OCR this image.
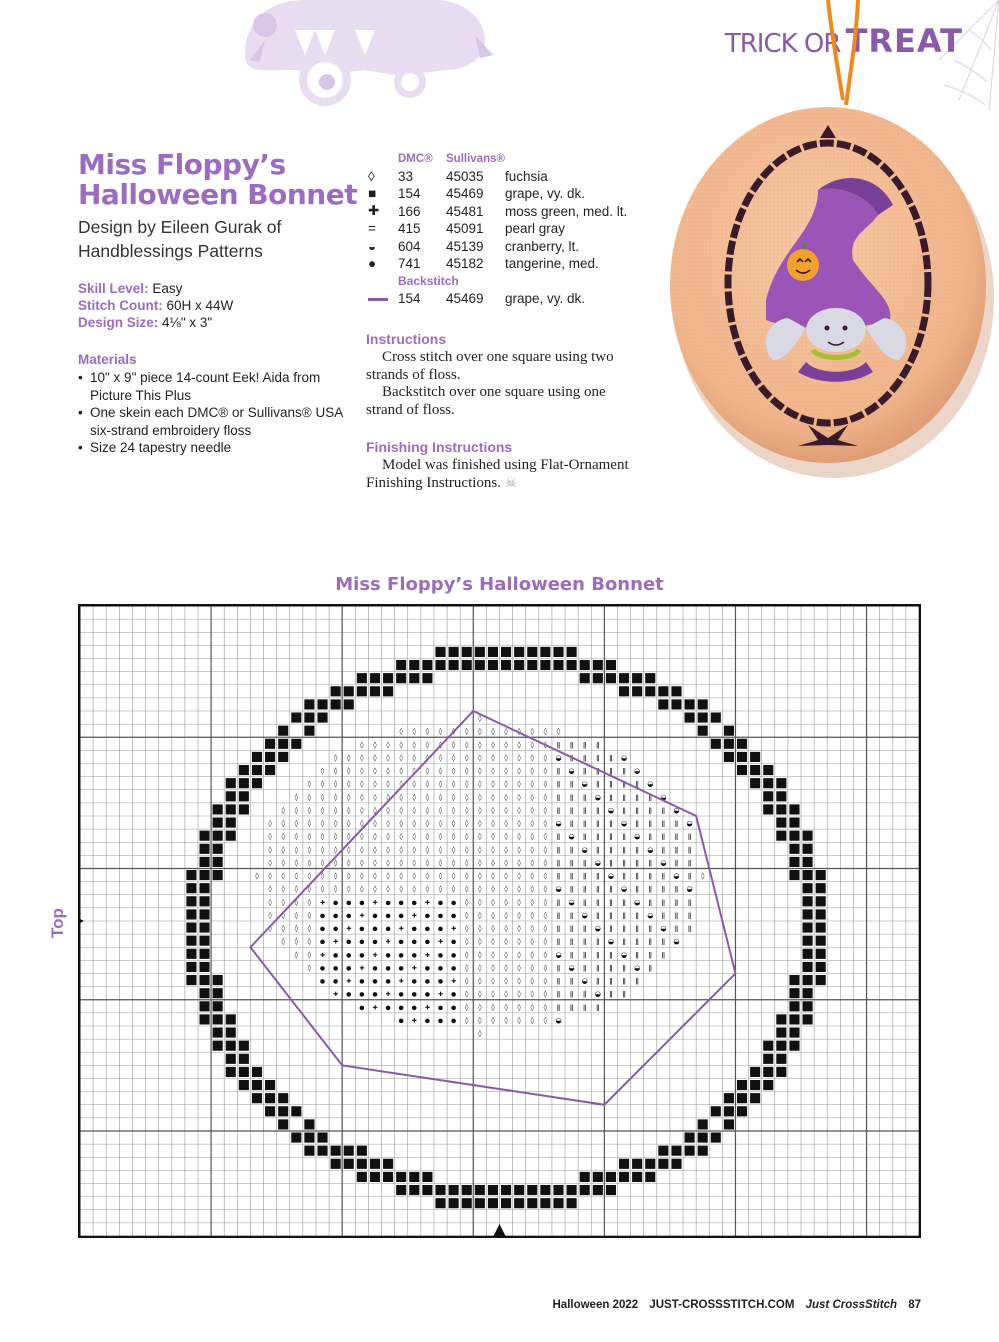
TRICK OR TREAT
Miss Floppy’s Halloween Bonnet
Design by Eileen Gurak of Handblessings Patterns
Skill Level: Easy
Stitch Count: 60H x 44W
Design Size: 4⅛" x 3"
Materials
• 10" x 9" piece 14-count Eek! Aida from Picture This Plus
• One skein each DMC® or Sullivans® USA six-strand embroidery floss
• Size 24 tapestry needle
	DMC®	Sullivans®	
◊	33	45035	fuchsia
■	154	45469	grape, vy. dk.
✚	166	45481	moss green, med. lt.
=	415	45091	pearl gray
◒	604	45139	cranberry, lt.
●	741	45182	tangerine, med.
	Backstitch		
	154	45469	grape, vy. dk.
Instructions

Cross stitch over one square using two strands of floss.

Backstitch over one square using one strand of floss.

Finishing Instructions

Model was finished using Flat-Ornament Finishing Instructions. ☠

Miss Floppy’s Halloween Bonnet
Top
◊
◊ ◊ ◊ ◊ ◊ ◊ ◊ ◊ ◊ ◊ ◊ ◊ ◊
◊ ◊ ◊ ◊ ◊ ◊ ◊ ◊ ◊ ◊ ◊ ◊ ◊ ◊ ◊ ǁ ǁ ǁ ǁ
◊ ◊ ◊ ◊ ◊ ◊ ◊ ◊ ◊ ◊ ◊ ◊ ◊ ◊ ◊ ◊ ◊ ◒ ǁ ǁ ǁ ǁ ◒
◊ ◊ ◊ ◊ ◊ ◊ ◊ ◊ ◊ ◊ ◊ ◊ ◊ ◊ ◊ ◊ ◊ ◊ ǁ ◒ ǁ ǁ ǁ ǁ ◒
◊ ◊ ◊ ◊ ◊ ◊ ◊ ◊ ◊ ◊ ◊ ◊ ◊ ◊ ◊ ◊ ◊ ◊ ◊ ǁ ǁ ◒ ǁ ǁ ǁ ǁ ◒
◊ ◊ ◊ ◊ ◊ ◊ ◊ ◊ ◊ ◊ ◊ ◊ ◊ ◊ ◊ ◊ ◊ ◊ ◊ ◊ ǁ ǁ ǁ ◒ ǁ ǁ ǁ ǁ ◒
◊ ◊ ◊ ◊ ◊ ◊ ◊ ◊ ◊ ◊ ◊ ◊ ◊ ◊ ◊ ◊ ◊ ◊ ◊ ◊ ◊ ǁ ǁ ǁ ǁ ◒ ǁ ǁ ǁ ǁ ◒
◊ ◊ ◊ ◊ ◊ ◊ ◊ ◊ ◊ ◊ ◊ ◊ ◊ ◊ ◊ ◊ ◊ ◊ ◊ ◊ ◊ ◊ ◒ ǁ ǁ ǁ ǁ ◒ ǁ ǁ ǁ ǁ ◒
◊ ◊ ◊ ◊ ◊ ◊ ◊ ◊ ◊ ◊ ◊ ◊ ◊ ◊ ◊ ◊ ◊ ◊ ◊ ◊ ◊ ◊ ǁ ◒ ǁ ǁ ǁ ǁ ◒ ǁ ǁ ǁ ǁ
◊ ◊ ◊ ◊ ◊ ◊ ◊ ◊ ◊ ◊ ◊ ◊ ◊ ◊ ◊ ◊ ◊ ◊ ◊ ◊ ◊ ◊ ǁ ǁ ◒ ǁ ǁ ǁ ǁ ◒ ǁ ǁ ǁ
◊ ◊ ◊ ◊ ◊ ◊ ◊ ◊ ◊ ◊ ◊ ◊ ◊ ◊ ◊ ◊ ◊ ◊ ◊ ◊ ◊ ◊ ǁ ǁ ǁ ◒ ǁ ǁ ǁ ǁ ◒ ǁ ǁ
◊ ◊ ◊ ◊ ◊ ◊ ◊ ◊ ◊ ◊ ◊ ◊ ◊ ◊ ◊ ◊ ◊ ◊ ◊ ◊ ◊ ◊ ◊ ǁ ǁ ǁ ǁ ◒ ǁ ǁ ǁ ǁ ◒ ǁ ◊
◊ ◊ ◊ ◊ ◊ ◊ ◊ ◊ ◊ ◊ ◊ ◊ ◊ ◊ ◊ ◊ ◊ ◊ ◊ ◊ ◊ ◊ ◒ ǁ ǁ ǁ ǁ ◒ ǁ ǁ ǁ ǁ ◒
◊ ◊ ◊ ◊ ✚ ● ● ● ✚ ● ● ● ✚ ● ● ◊ ◊ ◊ ◊ ◊ ◊ ◊ ǁ ◒ ǁ ǁ ǁ ǁ ◒ ǁ ǁ ǁ ǁ
◊ ◊ ◊ ◊ ● ● ● ✚ ● ● ● ✚ ● ● ● ◊ ◊ ◊ ◊ ◊ ◊ ◊ ǁ ǁ ◒ ǁ ǁ ǁ ǁ ◒ ǁ ǁ ǁ
◊ ◊ ◊ ◊ ● ● ✚ ● ● ● ✚ ● ● ● ✚ ◊ ◊ ◊ ◊ ◊ ◊ ◊ ǁ ǁ ǁ ◒ ǁ ǁ ǁ ǁ ◒ ǁ ǁ
◊ ◊ ◊ ● ✚ ● ● ● ✚ ● ● ● ✚ ● ◊ ◊ ◊ ◊ ◊ ◊ ◊ ǁ ǁ ǁ ǁ ◒ ǁ ǁ ǁ ǁ ◒
◊ ◊ ✚ ● ● ● ✚ ● ● ● ✚ ● ● ◊ ◊ ◊ ◊ ◊ ◊ ◊ ◒ ǁ ǁ ǁ ǁ ◒ ǁ ǁ ǁ
◊ ● ● ● ✚ ● ● ● ✚ ● ● ● ◊ ◊ ◊ ◊ ◊ ◊ ◊ ǁ ◒ ǁ ǁ ǁ ǁ ◒ ǁ
● ● ✚ ● ● ● ✚ ● ● ● ✚ ◊ ◊ ◊ ◊ ◊ ◊ ◊ ǁ ǁ ◒ ǁ ǁ ǁ ǁ
✚ ● ● ● ✚ ● ● ● ✚ ● ◊ ◊ ◊ ◊ ◊ ◊ ◊ ǁ ǁ ǁ ◒ ǁ ǁ
● ✚ ● ● ● ✚ ● ● ◊ ◊ ◊ ◊ ◊ ◊ ◊ ǁ ǁ ǁ ǁ
● ✚ ● ● ● ◊ ◊ ◊ ◊ ◊ ◊ ◊ ◒
◊
Halloween 2022 JUST-CROSSSTITCH.COM Just CrossStitch 87
